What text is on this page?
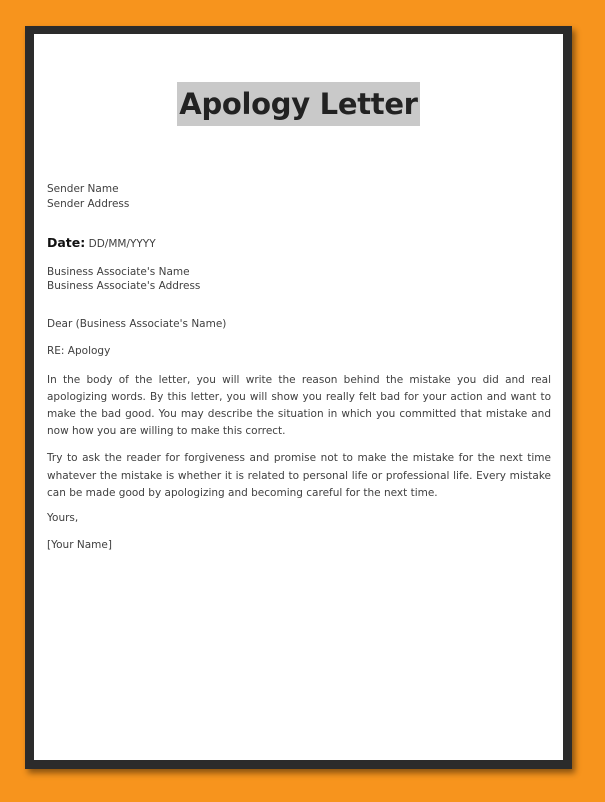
Apology Letter
Sender Name
Sender Address
Date: DD/MM/YYYY
Business Associate's Name
Business Associate's Address
Dear (Business Associate's Name)
RE: Apology

In the body of the letter, you will write the reason behind the mistake you did and real apologizing words. By this letter, you will show you really felt bad for your action and want to make the bad good. You may describe the situation in which you committed that mistake and now how you are willing to make this correct.

Try to ask the reader for forgiveness and promise not to make the mistake for the next time whatever the mistake is whether it is related to personal life or professional life. Every mistake can be made good by apologizing and becoming careful for the next time.

Yours,
[Your Name]
